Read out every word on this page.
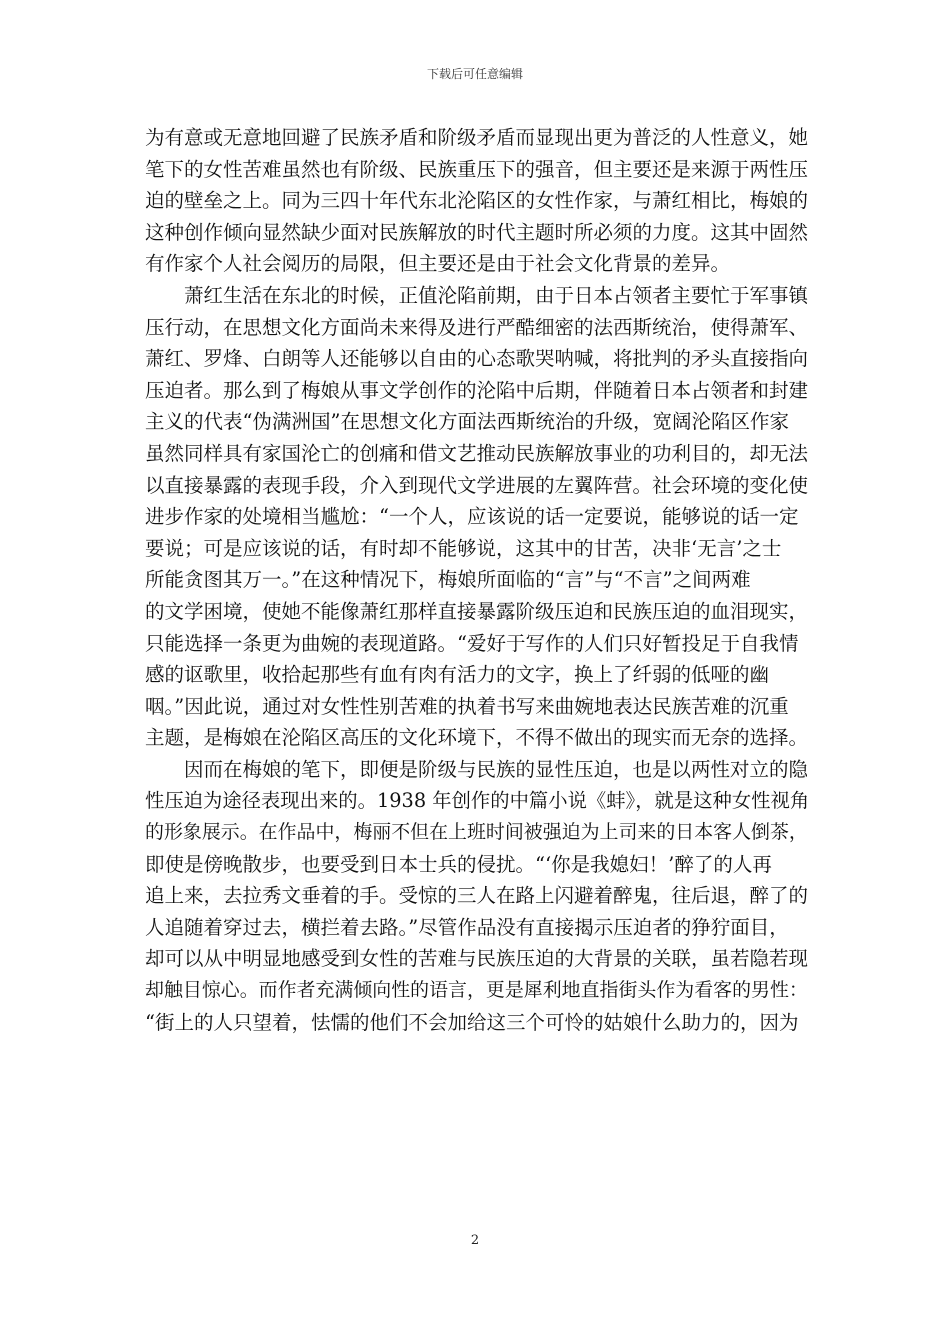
下载后可任意编辑
为有意或无意地回避了民族矛盾和阶级矛盾而显现出更为普泛的人性意义，她
笔下的女性苦难虽然也有阶级、民族重压下的强音，但主要还是来源于两性压
迫的壁垒之上。同为三四十年代东北沦陷区的女性作家，与萧红相比，梅娘的
这种创作倾向显然缺少面对民族解放的时代主题时所必须的力度。这其中固然
有作家个人社会阅历的局限，但主要还是由于社会文化背景的差异。
萧红生活在东北的时候，正值沦陷前期，由于日本占领者主要忙于军事镇
压行动，在思想文化方面尚未来得及进行严酷细密的法西斯统治，使得萧军、
萧红、罗烽、白朗等人还能够以自由的心态歌哭呐喊，将批判的矛头直接指向
压迫者。那么到了梅娘从事文学创作的沦陷中后期，伴随着日本占领者和封建
主义的代表“伪满洲国”在思想文化方面法西斯统治的升级，宽阔沦陷区作家
虽然同样具有家国沦亡的创痛和借文艺推动民族解放事业的功利目的，却无法
以直接暴露的表现手段，介入到现代文学进展的左翼阵营。社会环境的变化使
进步作家的处境相当尴尬：“一个人，应该说的话一定要说，能够说的话一定
要说；可是应该说的话，有时却不能够说，这其中的甘苦，决非‘无言’之士
所能贪图其万一。”在这种情况下，梅娘所面临的“言”与“不言”之间两难
的文学困境，使她不能像萧红那样直接暴露阶级压迫和民族压迫的血泪现实，
只能选择一条更为曲婉的表现道路。“爱好于写作的人们只好暂投足于自我情
感的讴歌里，收拾起那些有血有肉有活力的文字，换上了纤弱的低哑的幽
咽。”因此说，通过对女性性别苦难的执着书写来曲婉地表达民族苦难的沉重
主题，是梅娘在沦陷区高压的文化环境下，不得不做出的现实而无奈的选择。
因而在梅娘的笔下，即便是阶级与民族的显性压迫，也是以两性对立的隐
性压迫为途径表现出来的。1938 年创作的中篇小说《蚌》，就是这种女性视角
的形象展示。在作品中，梅丽不但在上班时间被强迫为上司来的日本客人倒茶，
即使是傍晚散步，也要受到日本士兵的侵扰。“‘你是我媳妇！’醉了的人再
追上来，去拉秀文垂着的手。受惊的三人在路上闪避着醉鬼，往后退，醉了的
人追随着穿过去，横拦着去路。”尽管作品没有直接揭示压迫者的狰狞面目，
却可以从中明显地感受到女性的苦难与民族压迫的大背景的关联，虽若隐若现
却触目惊心。而作者充满倾向性的语言，更是犀利地直指街头作为看客的男性：
“街上的人只望着，怯懦的他们不会加给这三个可怜的姑娘什么助力的，因为
2
